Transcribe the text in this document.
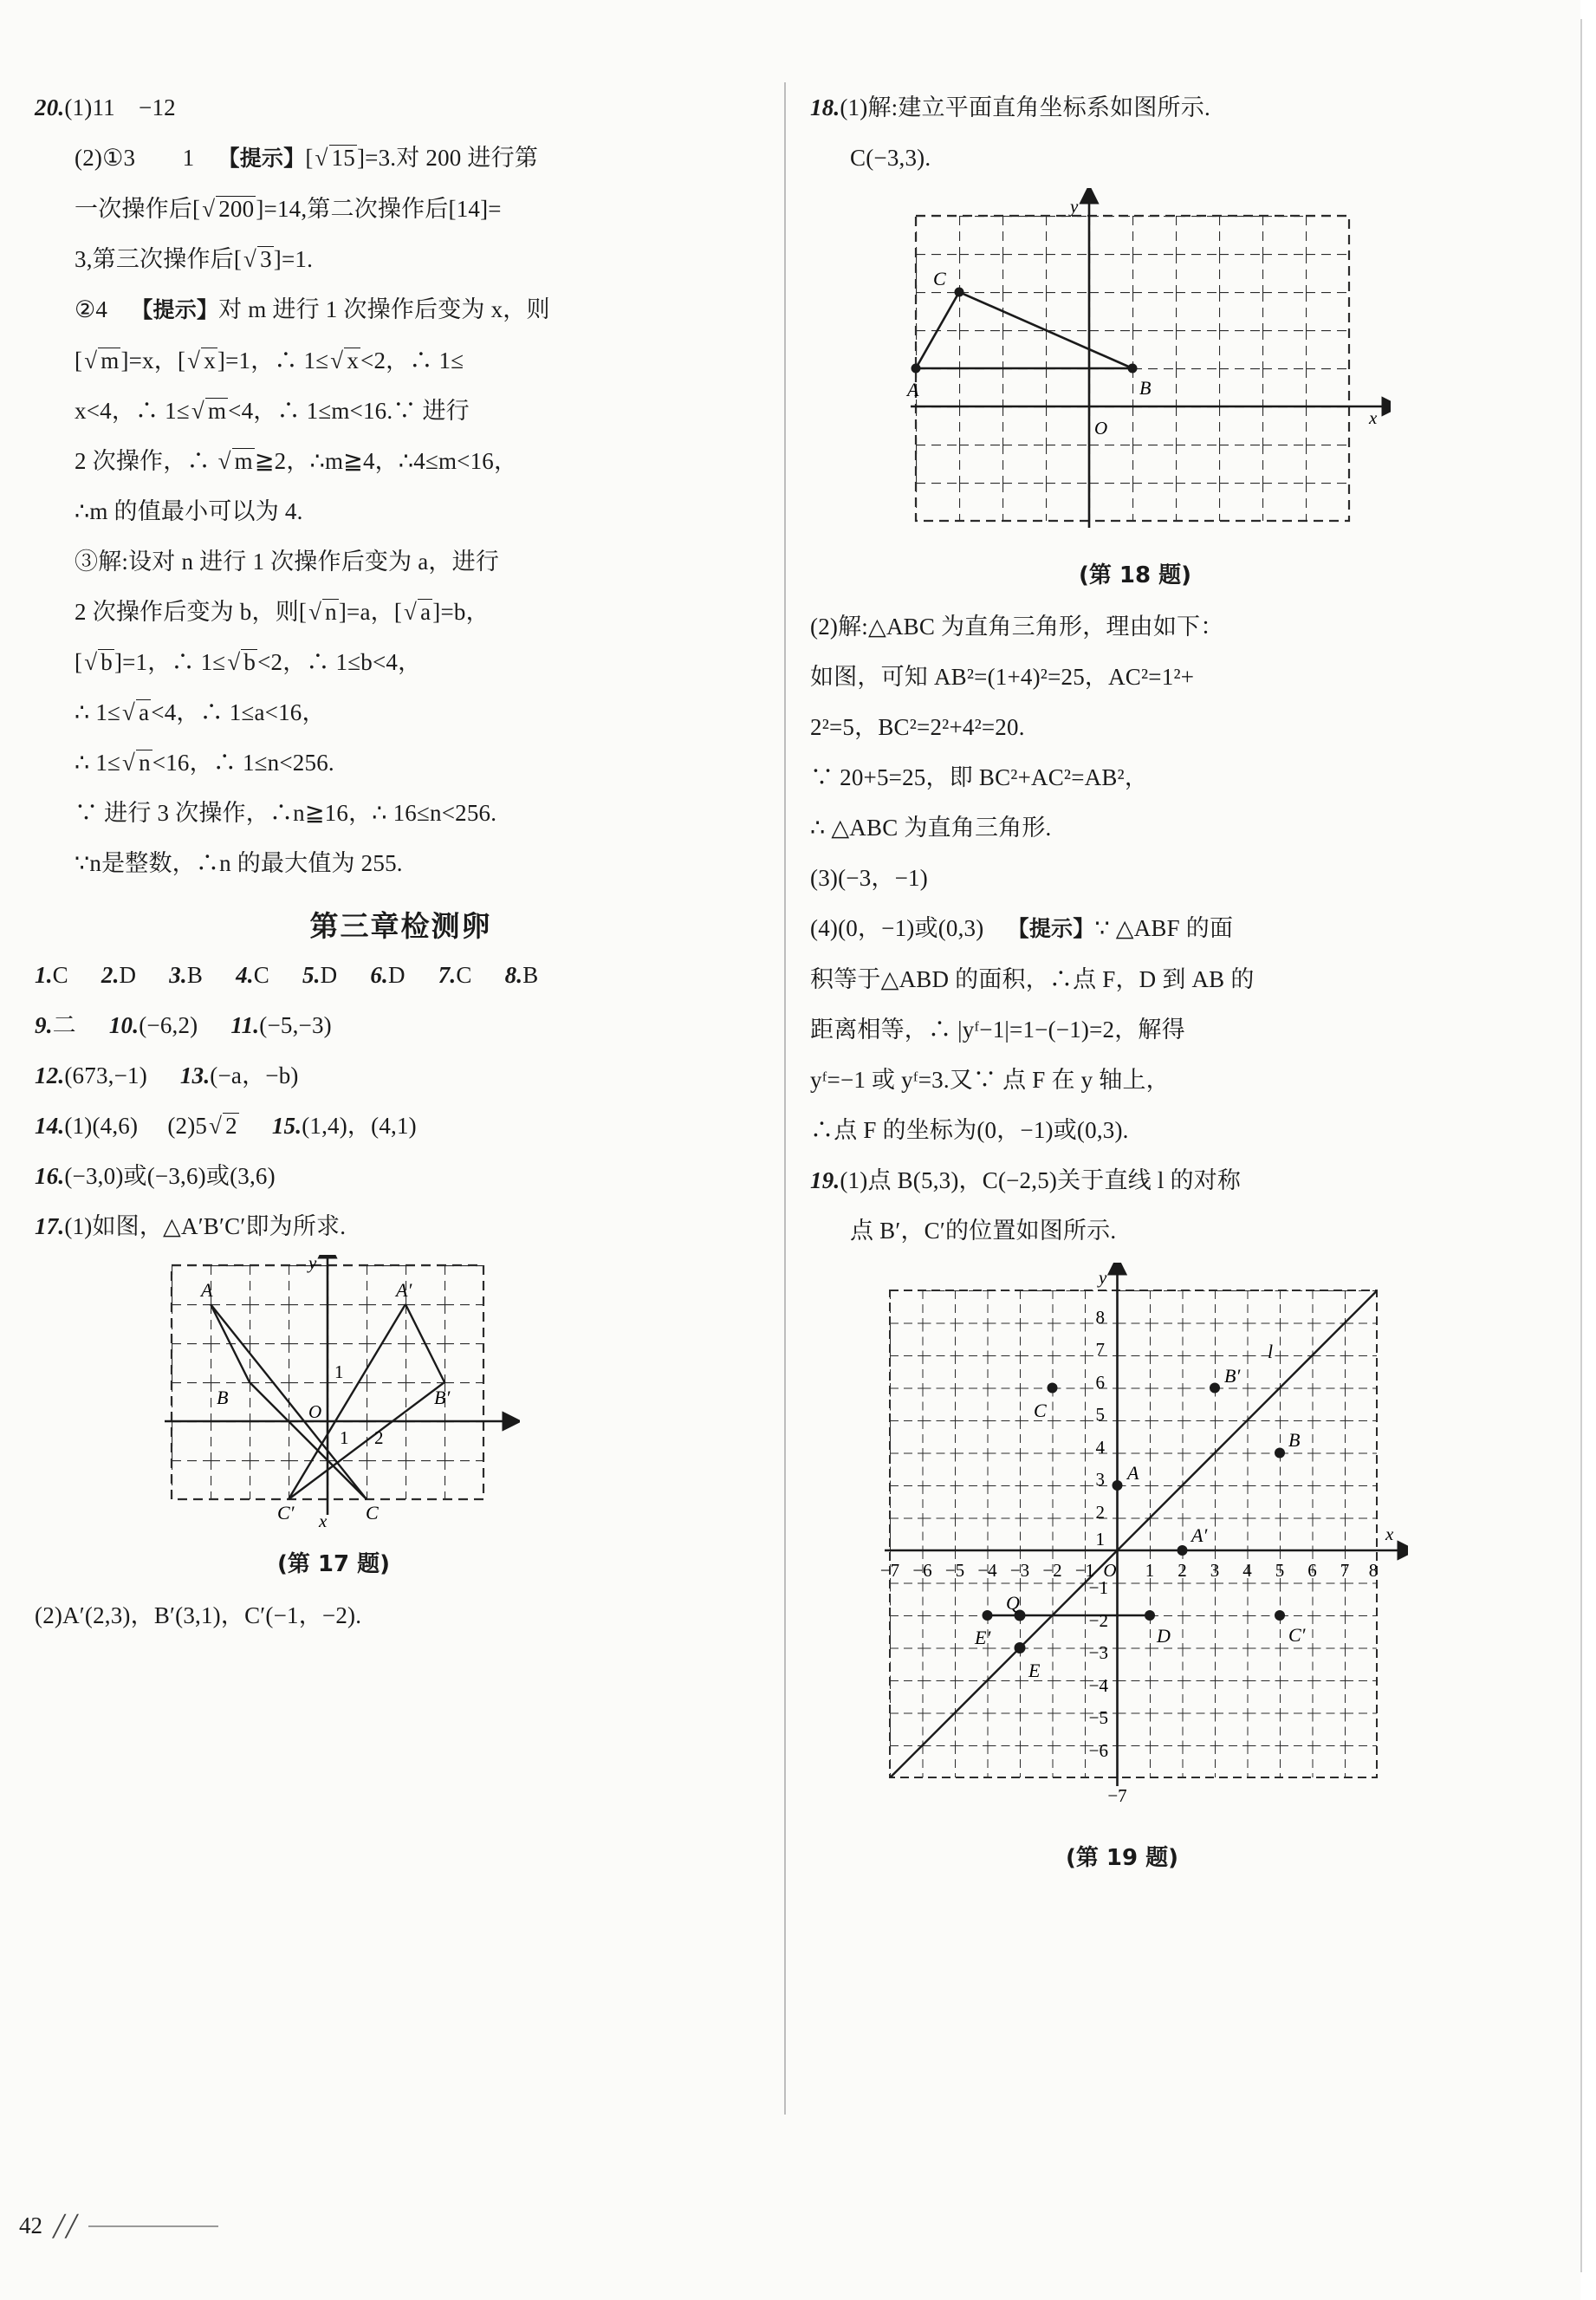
20.(1)11 −12
(2)①3  1 【提示】[√ 15]=3.对 200 进行第
一次操作后[√ 200]=14,第二次操作后[14]=
3,第三次操作后[√ 3]=1.
②4 【提示】对 m 进行 1 次操作后变为 x，则
[√ m]=x，[√ x]=1，∴ 1≤√ x<2，∴ 1≤
x<4，∴ 1≤√ m<4，∴ 1≤m<16.∵ 进行
2 次操作，∴ √ m≧2，∴m≧4，∴4≤m<16，
∴m 的值最小可以为 4.
③解:设对 n 进行 1 次操作后变为 a，进行
2 次操作后变为 b，则[√ n]=a，[√ a]=b，
[√ b]=1，∴ 1≤√ b<2，∴ 1≤b<4，
∴ 1≤√ a<4，∴ 1≤a<16，
∴ 1≤√ n<16，∴ 1≤n<256.
∵ 进行 3 次操作，∴n≧16，∴ 16≤n<256.
∵n是整数，∴n 的最大值为 255.
第三章检测卵
1.C 2.D 3.B 4.C 5.D 6.D 7.C 8.B
9.二 10.(−6,2) 11.(−5,−3)
12.(673,−1) 13.(−a，−b)
14.(1)(4,6)  (2)5√ 2 15.(1,4)，(4,1)
16.(−3,0)或(−3,6)或(3,6)
17.(1)如图，△A′B′C′即为所求.
x
y
A
B
C
A′
B′
C′
O
1
1 2
(第 17 题)
(2)A′(2,3)，B′(3,1)，C′(−1，−2).
18.(1)解:建立平面直角坐标系如图所示.
C(−3,3).
x
y
O
A	B
C
(第 18 题)
(2)解:△ABC 为直角三角形，理由如下：
如图，可知 AB²=(1+4)²=25，AC²=1²+
2²=5，BC²=2²+4²=20.
∵ 20+5=25，即 BC²+AC²=AB²，
∴ △ABC 为直角三角形.
(3)(−3，−1)
(4)(0，−1)或(0,3) 【提示】∵ △ABF 的面
积等于△ABD 的面积，∴点 F，D 到 AB 的
距离相等，∴ |yᶠ−1|=1−(−1)=2，解得
yᶠ=−1 或 yᶠ=3.又∵ 点 F 在 y 轴上，
∴点 F 的坐标为(0，−1)或(0,3).
19.(1)点 B(5,3)，C(−2,5)关于直线 l 的对称
点 B′，C′的位置如图所示.
x
y
l
−7 −6 −5 −4 −3 −2 −1 O 1 2 3 4 5 6 7 8
8
7
6
5
4
3
2
1
−1
−2
−3
−4
−5
−6
−7
C
B′
B
A
A′
C′
D
Q
E′
E
(第 19 题)
42 ╱╱
